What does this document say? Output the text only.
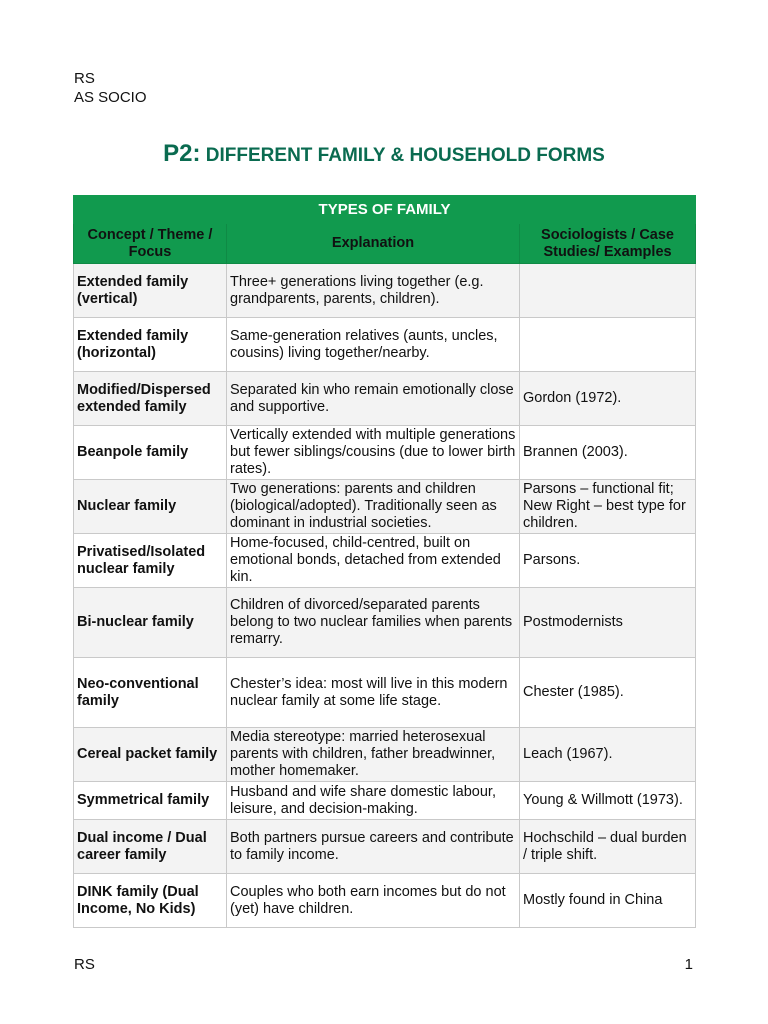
RS
AS SOCIO
P2: DIFFERENT FAMILY & HOUSEHOLD FORMS
TYPES OF FAMILY		
Concept / Theme / Focus	Explanation	Sociologists / Case Studies/ Examples
Extended family (vertical)	Three+ generations living together (e.g. grandparents, parents, children).	
Extended family (horizontal)	Same-generation relatives (aunts, uncles, cousins) living together/nearby.	
Modified/Dispersed extended family	Separated kin who remain emotionally close and supportive.	Gordon (1972).
Beanpole family	Vertically extended with multiple generations but fewer siblings/cousins (due to lower birth rates).	Brannen (2003).
Nuclear family	Two generations: parents and children (biological/adopted). Traditionally seen as dominant in industrial societies.	Parsons – functional fit; New Right – best type for children.
Privatised/Isolated nuclear family	Home-focused, child-centred, built on emotional bonds, detached from extended kin.	Parsons.
Bi-nuclear family	Children of divorced/separated parents belong to two nuclear families when parents remarry.	Postmodernists
Neo-conventional family	Chester’s idea: most will live in this modern nuclear family at some life stage.	Chester (1985).
Cereal packet family	Media stereotype: married heterosexual parents with children, father breadwinner, mother homemaker.	Leach (1967).
Symmetrical family	Husband and wife share domestic labour, leisure, and decision-making.	Young & Willmott (1973).
Dual income / Dual career family	Both partners pursue careers and contribute to family income.	Hochschild – dual burden / triple shift.
DINK family (Dual Income, No Kids)	Couples who both earn incomes but do not (yet) have children.	Mostly found in China
RS	1
